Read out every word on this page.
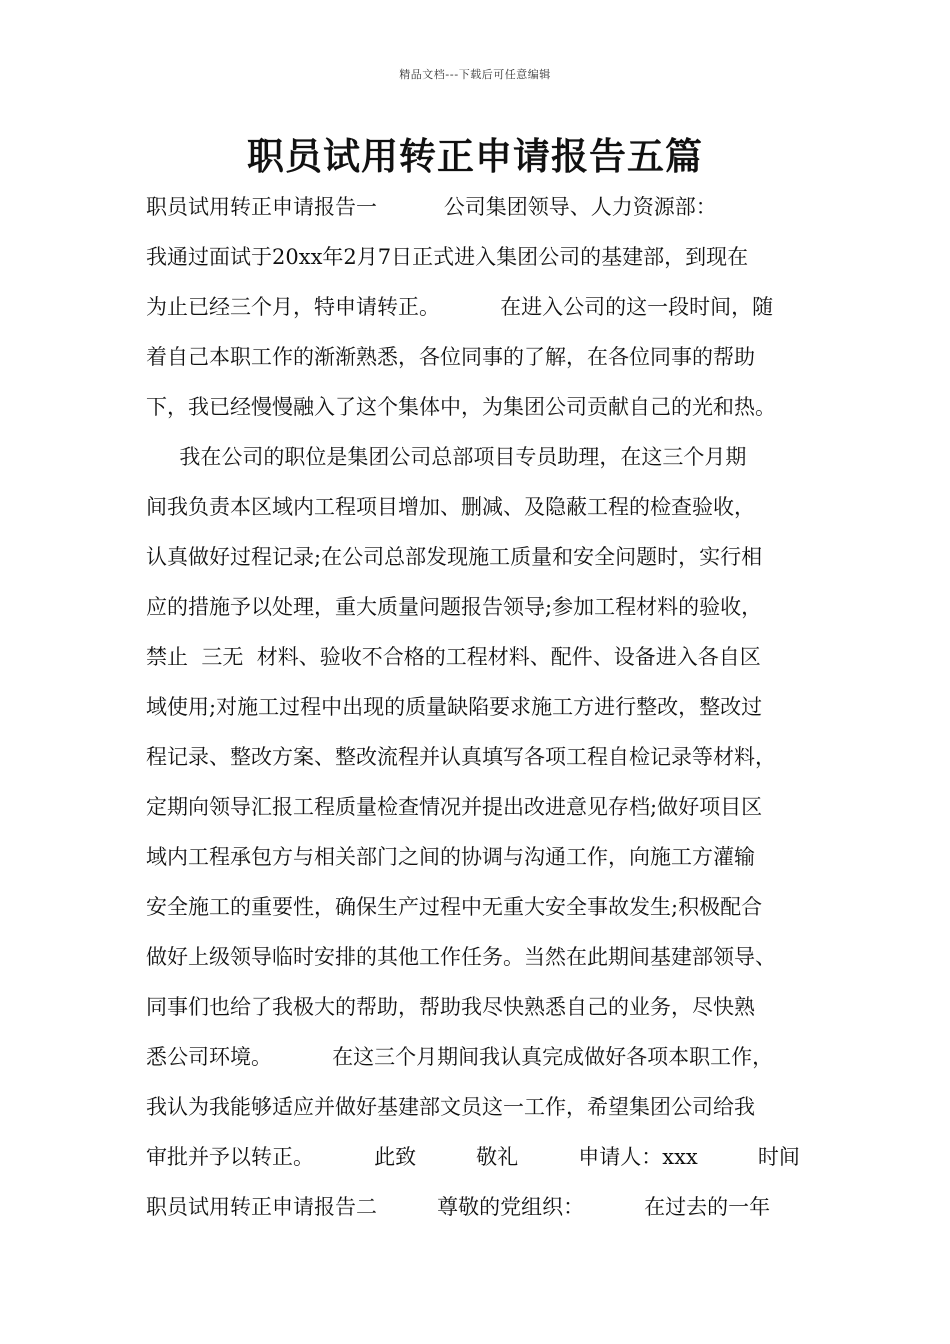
精品文档---下载后可任意编辑
职员试用转正申请报告五篇
职员试用转正申请报告一          公司集团领导、人力资源部：
我通过面试于20xx年2月7日正式进入集团公司的基建部，到现在
为止已经三个月，特申请转正。         在进入公司的这一段时间，随
着自己本职工作的渐渐熟悉，各位同事的了解，在各位同事的帮助
下，我已经慢慢融入了这个集体中，为集团公司贡献自己的光和热。
我在公司的职位是集团公司总部项目专员助理，在这三个月期
间我负责本区域内工程项目增加、删减、及隐蔽工程的检查验收，
认真做好过程记录;在公司总部发现施工质量和安全问题时，实行相
应的措施予以处理，重大质量问题报告领导;参加工程材料的验收，
禁止  三无  材料、验收不合格的工程材料、配件、设备进入各自区
域使用;对施工过程中出现的质量缺陷要求施工方进行整改，整改过
程记录、整改方案、整改流程并认真填写各项工程自检记录等材料，
定期向领导汇报工程质量检查情况并提出改进意见存档;做好项目区
域内工程承包方与相关部门之间的协调与沟通工作，向施工方灌输
安全施工的重要性，确保生产过程中无重大安全事故发生;积极配合
做好上级领导临时安排的其他工作任务。当然在此期间基建部领导、
同事们也给了我极大的帮助，帮助我尽快熟悉自己的业务，尽快熟
悉公司环境。         在这三个月期间我认真完成做好各项本职工作，
我认为我能够适应并做好基建部文员这一工作，希望集团公司给我
审批并予以转正。         此致         敬礼         申请人：xxx         时间
职员试用转正申请报告二         尊敬的党组织：         在过去的一年
